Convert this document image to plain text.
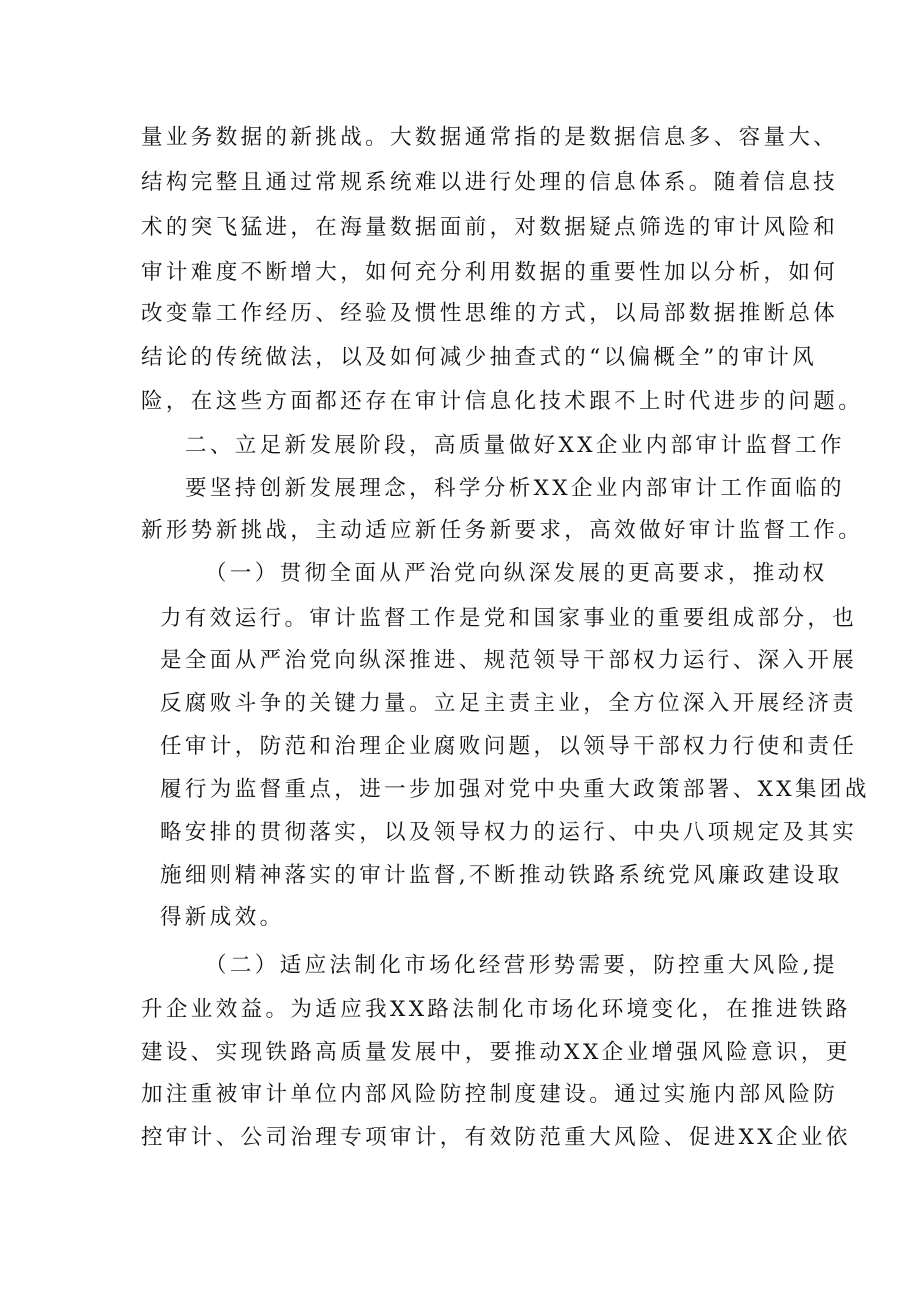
量业务数据的新挑战。大数据通常指的是数据信息多、容量大、
结构完整且通过常规系统难以进行处理的信息体系。随着信息技
术的突飞猛进，在海量数据面前，对数据疑点筛选的审计风险和
审计难度不断增大，如何充分利用数据的重要性加以分析，如何
改变靠工作经历、经验及惯性思维的方式，以局部数据推断总体
结论的传统做法，以及如何减少抽查式的“以偏概全”的审计风
险，在这些方面都还存在审计信息化技术跟不上时代进步的问题。
二、立足新发展阶段，高质量做好XX企业内部审计监督工作
要坚持创新发展理念，科学分析XX企业内部审计工作面临的
新形势新挑战，主动适应新任务新要求，高效做好审计监督工作。
（一）贯彻全面从严治党向纵深发展的更高要求，推动权
力有效运行。审计监督工作是党和国家事业的重要组成部分，也
是全面从严治党向纵深推进、规范领导干部权力运行、深入开展
反腐败斗争的关键力量。立足主责主业，全方位深入开展经济责
任审计，防范和治理企业腐败问题，以领导干部权力行使和责任
履行为监督重点，进一步加强对党中央重大政策部署、XX集团战
略安排的贯彻落实，以及领导权力的运行、中央八项规定及其实
施细则精神落实的审计监督,不断推动铁路系统党风廉政建设取
得新成效。
（二）适应法制化市场化经营形势需要，防控重大风险,提
升企业效益。为适应我XX路法制化市场化环境变化，在推进铁路
建设、实现铁路高质量发展中，要推动XX企业增强风险意识，更
加注重被审计单位内部风险防控制度建设。通过实施内部风险防
控审计、公司治理专项审计，有效防范重大风险、促进XX企业依
